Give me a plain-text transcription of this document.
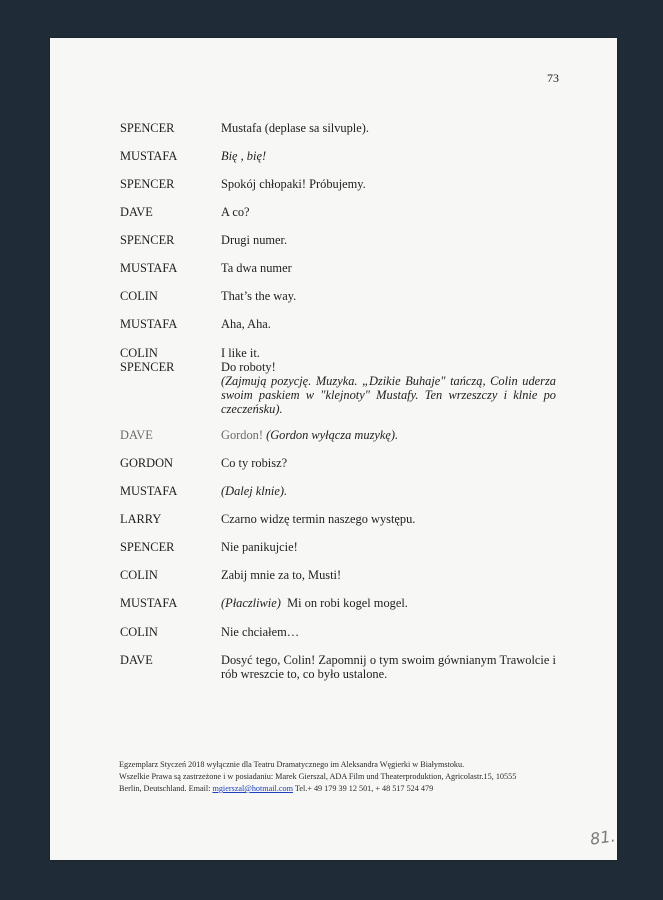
73
SPENCER	Mustafa (deplase sa silvuple).
MUSTAFA	Bię , bię!
SPENCER	Spokój chłopaki! Próbujemy.
DAVE	A co?
SPENCER	Drugi numer.
MUSTAFA	Ta dwa numer
COLIN	That’s the way.
MUSTAFA	Aha, Aha.
COLIN	I like it.
SPENCER	Do roboty!
(Zajmują pozycję. Muzyka. „Dzikie Buhaje" tańczą, Colin uderza swoim paskiem w "klejnoty" Mustafy. Ten wrzeszczy i klnie po czeczeńsku).
DAVE	Gordon! (Gordon wyłącza muzykę).
GORDON	Co ty robisz?
MUSTAFA	(Dalej klnie).
LARRY	Czarno widzę termin naszego występu.
SPENCER	Nie panikujcie!
COLIN	Zabij mnie za to, Musti!
MUSTAFA	(Płaczliwie) Mi on robi kogel mogel.
COLIN	Nie chciałem…
DAVE	Dosyć tego, Colin! Zapomnij o tym swoim gównianym Trawolcie i rób wreszcie to, co było ustalone.
Egzemplarz Styczeń 2018 wyłącznie dla Teatru Dramatycznego im Aleksandra Węgierki w Białymstoku.
Wszelkie Prawa są zastrzeżone i w posiadaniu: Marek Gierszal, ADA Film und Theaterproduktion, Agricolastr.15, 10555
Berlin, Deutschland. Email: mgierszal@hotmail.com Tel.+ 49 179 39 12 501, + 48 517 524 479
81.
